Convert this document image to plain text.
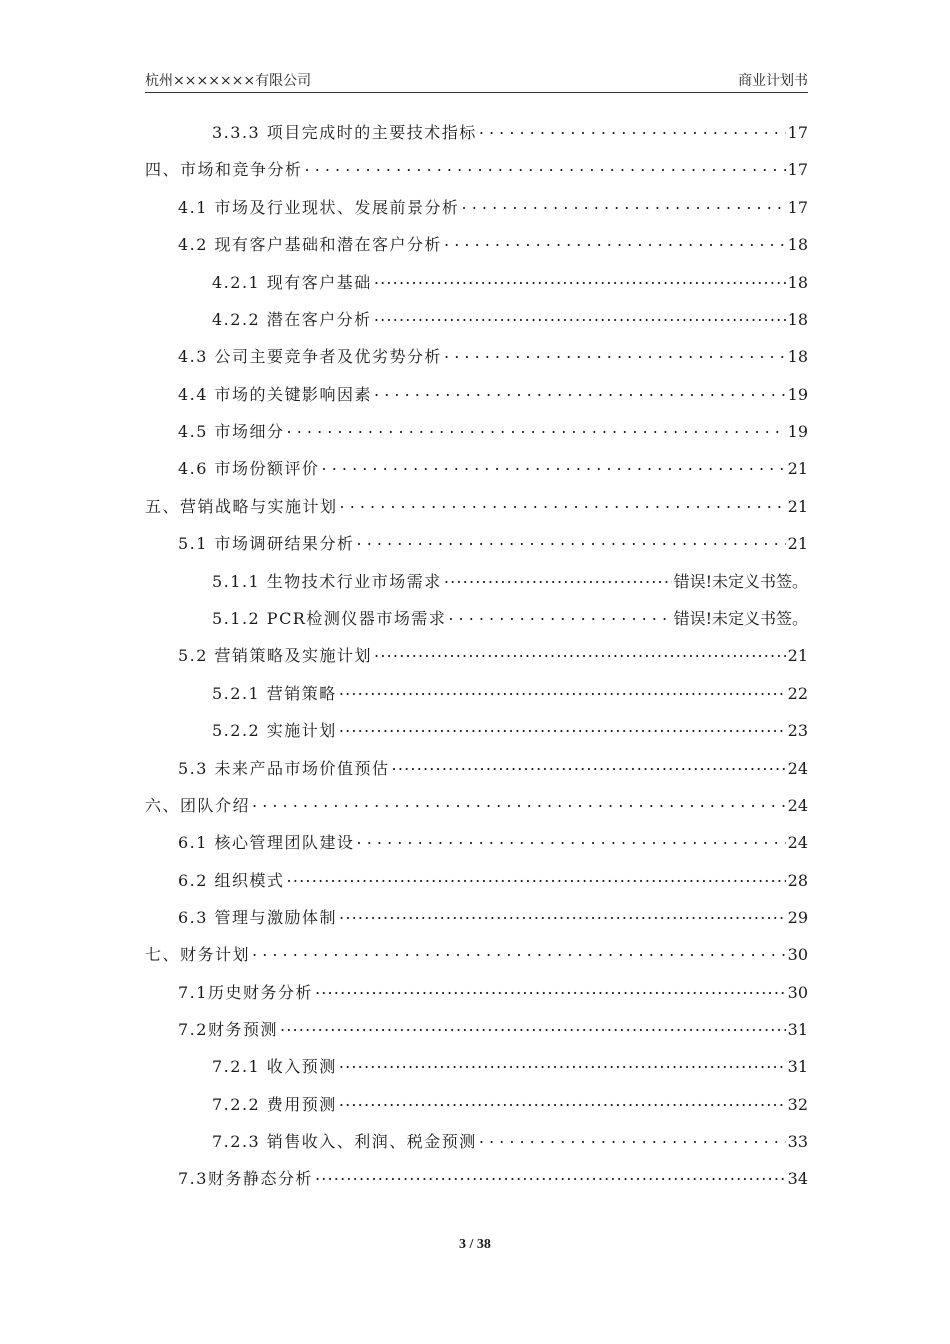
杭州×××××××有限公司	商业计划书
3.3.3 项目完成时的主要技术指标 . . .	17
四、市场和竞争分析 . . .	17
4.1 市场及行业现状、发展前景分析 . . .	17
4.2 现有客户基础和潜在客户分析 . . .	18
4.2.1 现有客户基础 .....	18
4.2.2 潜在客户分析 .....	18
4.3 公司主要竞争者及优劣势分析 . . .	18
4.4 市场的关键影响因素 . . .	19
4.5 市场细分 . . .	19
4.6 市场份额评价 . . .	21
五、营销战略与实施计划 . . .	21
5.1 市场调研结果分析 . . .	21
5.1.1 生物技术行业市场需求 .....	错误!未定义书签。
5.1.2 PCR检测仪器市场需求 . . .	错误!未定义书签。
5.2 营销策略及实施计划 .....	21
5.2.1 营销策略 .....	22
5.2.2 实施计划 .....	23
5.3 未来产品市场价值预估 .....	24
六、团队介绍 . . .	24
6.1 核心管理团队建设 . . .	24
6.2 组织模式 .....	28
6.3 管理与激励体制 .....	29
七、财务计划 . . .	30
7.1历史财务分析 .....	30
7.2财务预测 .....	31
7.2.1 收入预测 .....	31
7.2.2 费用预测 .....	32
7.2.3 销售收入、利润、税金预测 . . .	33
7.3财务静态分析 .....	34
3 / 38
